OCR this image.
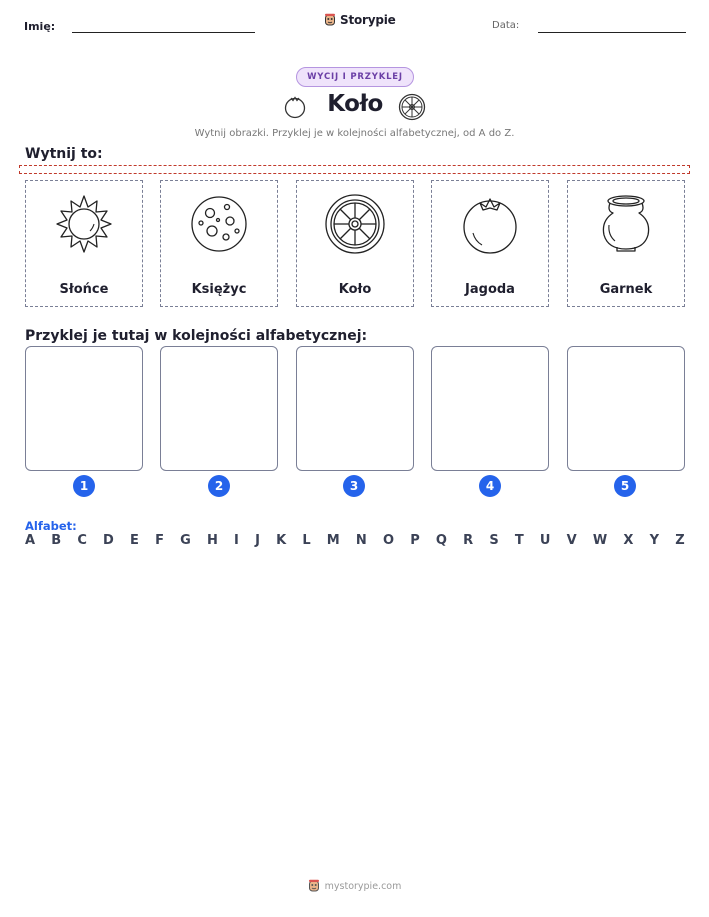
Imię:	Data:
Storypie
WYCIJ I PRZYKLEJ
Koło
Wytnij obrazki. Przyklej je w kolejności alfabetycznej, od A do Z.
Wytnij to:
Słońce	Księżyc	Koło	Jagoda	Garnek
Przyklej je tutaj w kolejności alfabetycznej:
1	2	3	4	5
Alfabet:
A B C D E F G H I J K L M N O P Q R S T U V W X Y Z
mystorypie.com
